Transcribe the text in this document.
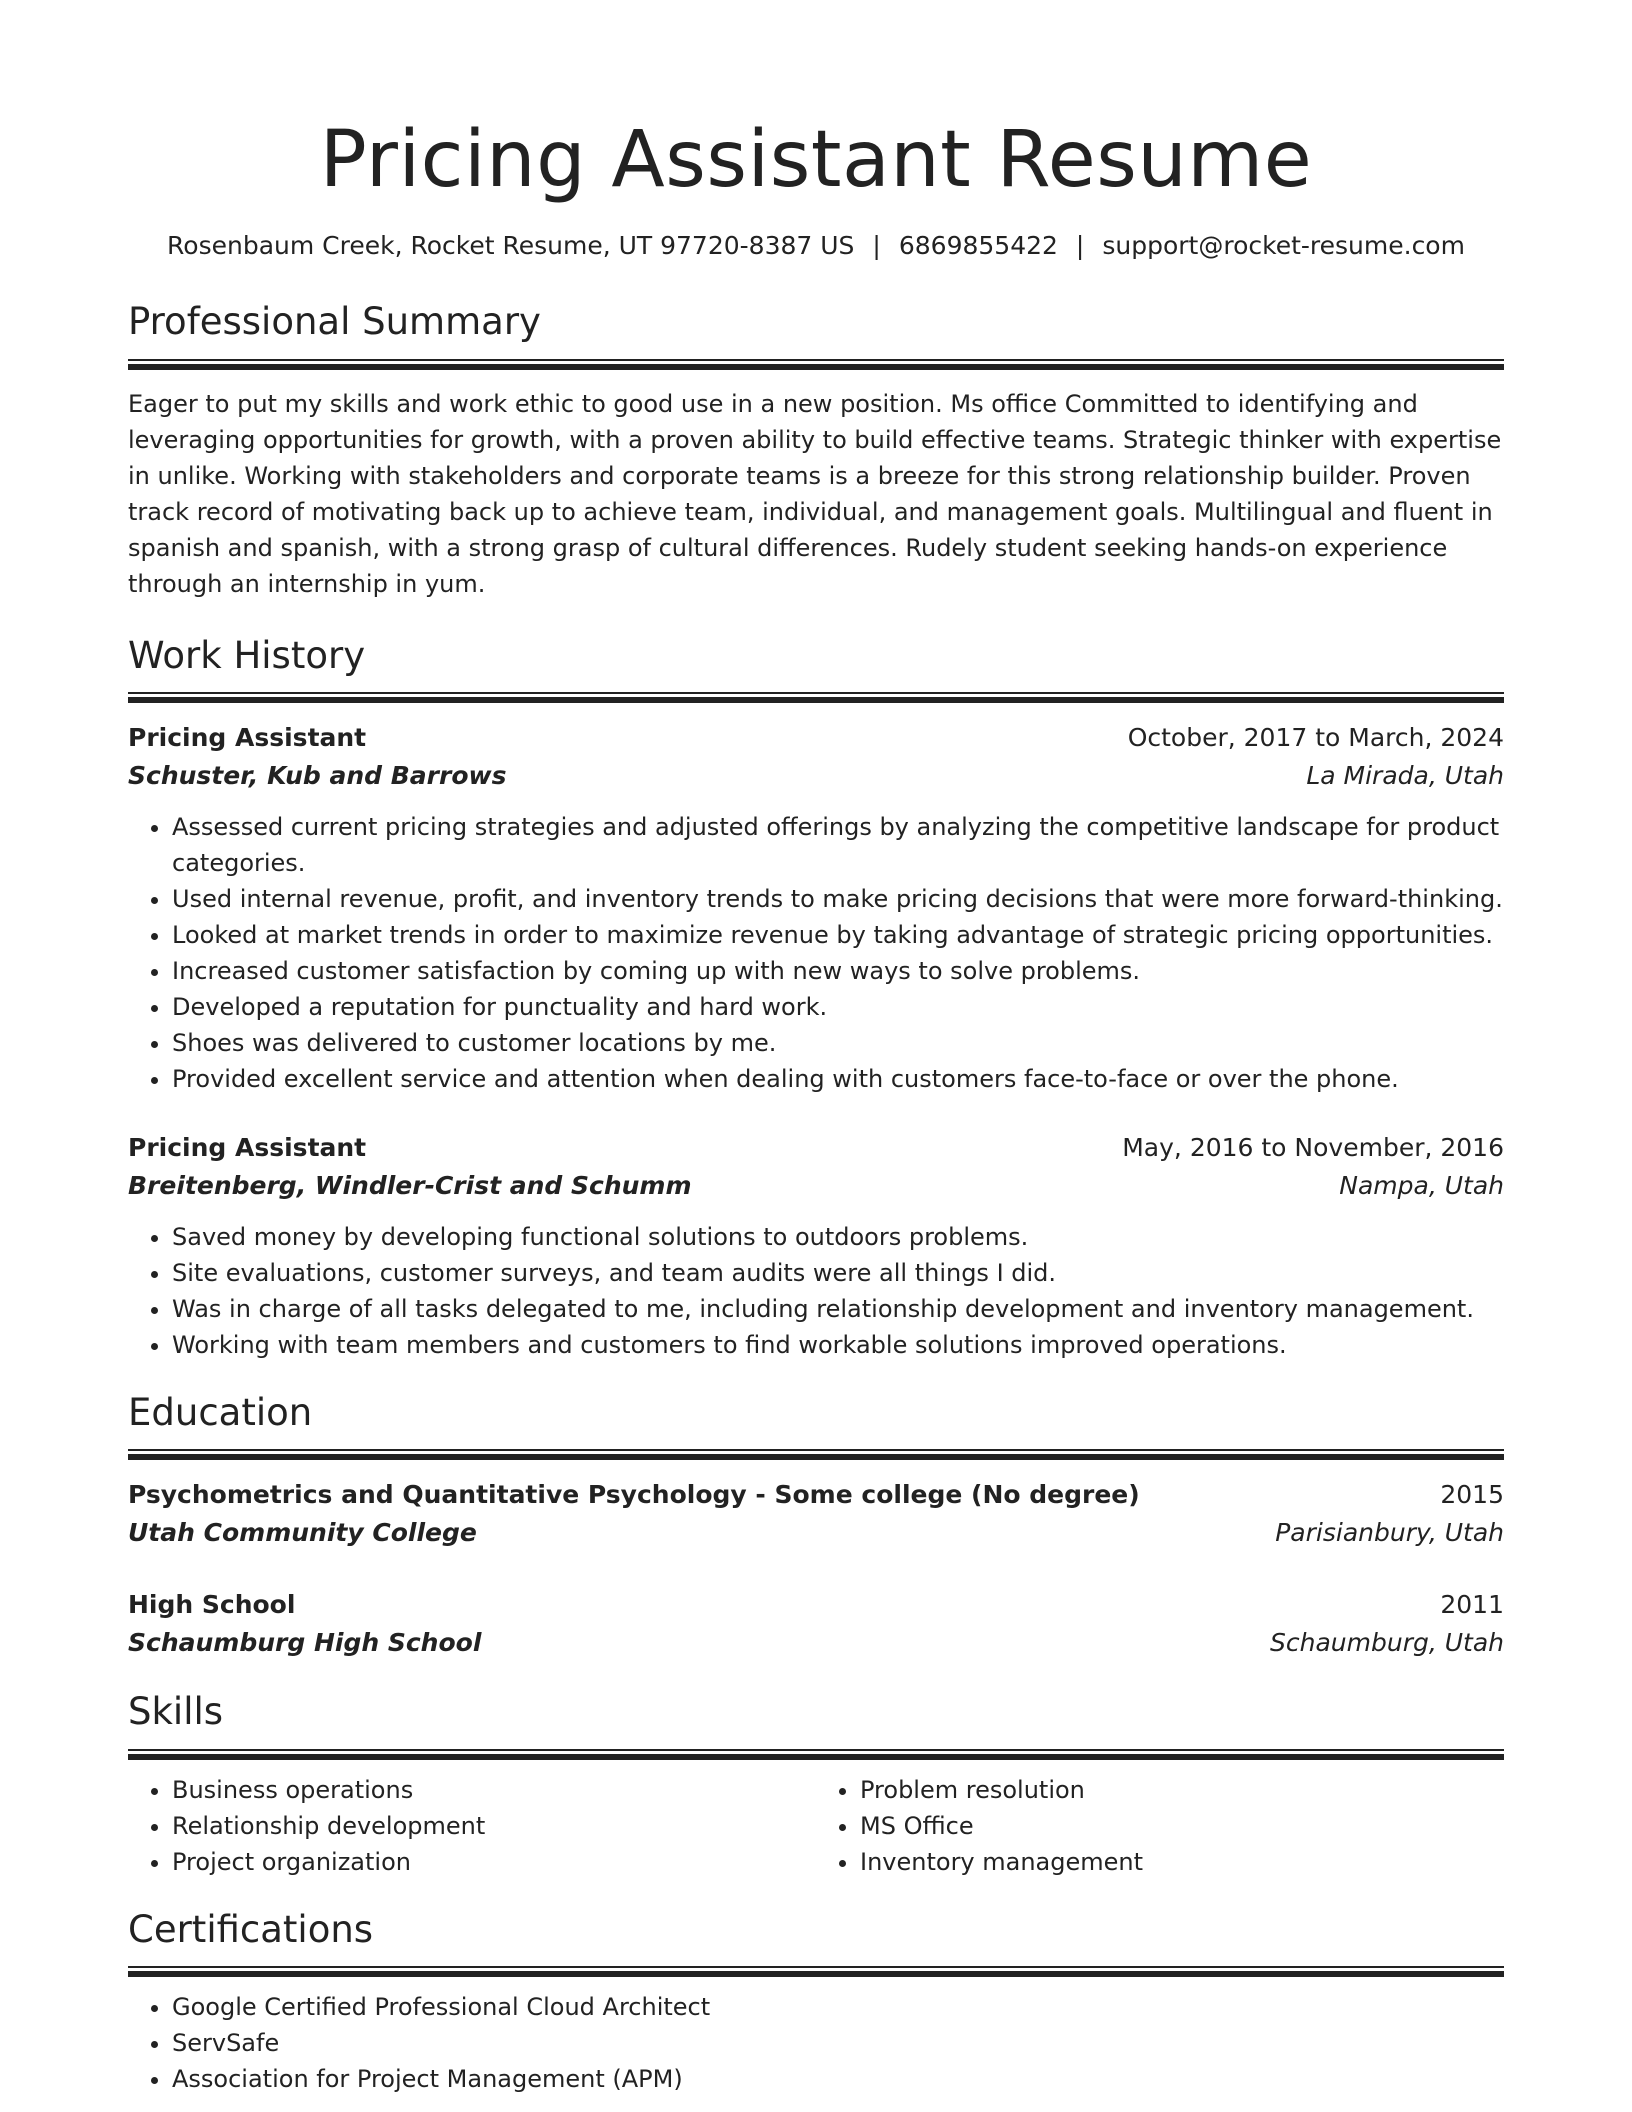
Pricing Assistant Resume
Rosenbaum Creek, Rocket Resume, UT 97720-8387 US | 6869855422 | support@rocket-resume.com
Professional Summary
Eager to put my skills and work ethic to good use in a new position. Ms office Committed to identifying and leveraging opportunities for growth, with a proven ability to build effective teams. Strategic thinker with expertise in unlike. Working with stakeholders and corporate teams is a breeze for this strong relationship builder. Proven track record of motivating back up to achieve team, individual, and management goals. Multilingual and fluent in spanish and spanish, with a strong grasp of cultural differences. Rudely student seeking hands-on experience through an internship in yum.
Work History
Pricing Assistant	October, 2017 to March, 2024
Schuster, Kub and Barrows	La Mirada, Utah
• Assessed current pricing strategies and adjusted offerings by analyzing the competitive landscape for product categories.
• Used internal revenue, profit, and inventory trends to make pricing decisions that were more forward-thinking.
• Looked at market trends in order to maximize revenue by taking advantage of strategic pricing opportunities.
• Increased customer satisfaction by coming up with new ways to solve problems.
• Developed a reputation for punctuality and hard work.
• Shoes was delivered to customer locations by me.
• Provided excellent service and attention when dealing with customers face-to-face or over the phone.
Pricing Assistant	May, 2016 to November, 2016
Breitenberg, Windler-Crist and Schumm	Nampa, Utah
• Saved money by developing functional solutions to outdoors problems.
• Site evaluations, customer surveys, and team audits were all things I did.
• Was in charge of all tasks delegated to me, including relationship development and inventory management.
• Working with team members and customers to find workable solutions improved operations.
Education
Psychometrics and Quantitative Psychology - Some college (No degree)	2015
Utah Community College	Parisianbury, Utah
High School	2011
Schaumburg High School	Schaumburg, Utah
Skills
• Business operations
• Relationship development
• Project organization
• Problem resolution
• MS Office
• Inventory management
Certifications
• Google Certified Professional Cloud Architect
• ServSafe
• Association for Project Management (APM)
